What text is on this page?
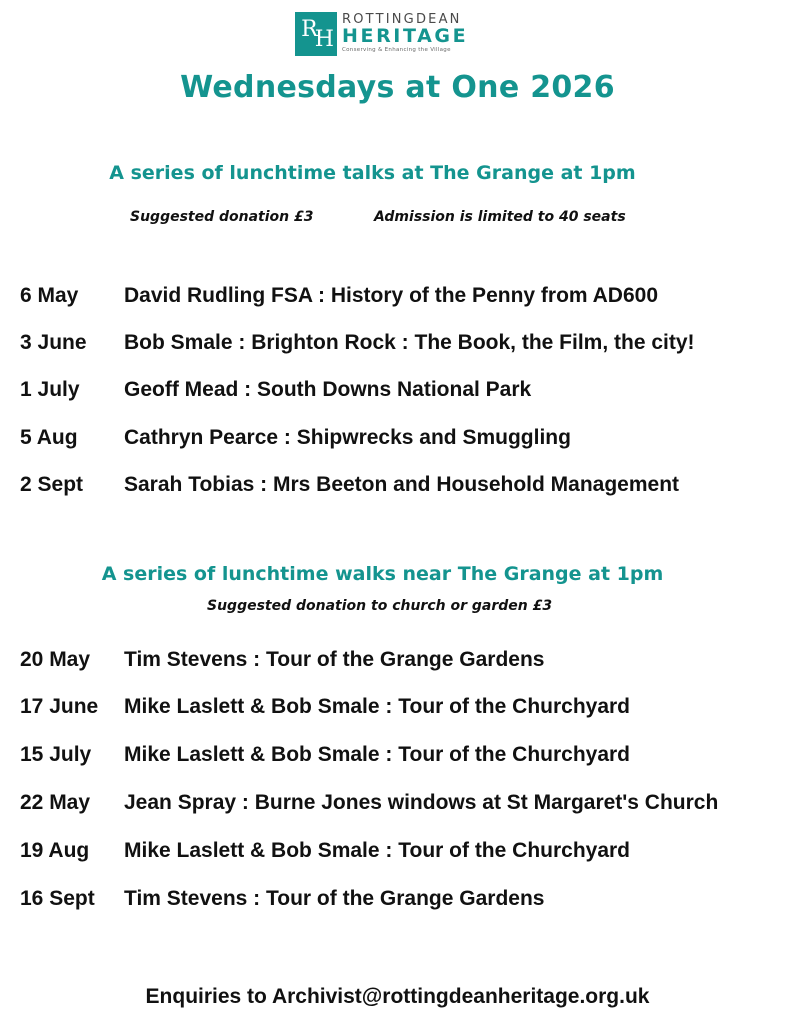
R H
ROTTINGDEAN
HERITAGE
Conserving & Enhancing the Village
Wednesdays at One 2026
A series of lunchtime talks at The Grange at 1pm
Suggested donation £3	Admission is limited to 40 seats
6 May	David Rudling FSA : History of the Penny from AD600
3 June	Bob Smale : Brighton Rock : The Book, the Film, the city!
1 July	Geoff Mead : South Downs National Park
5 Aug	Cathryn Pearce : Shipwrecks and Smuggling
2 Sept	Sarah Tobias : Mrs Beeton and Household Management
A series of lunchtime walks near The Grange at 1pm
Suggested donation to church or garden £3
20 May	Tim Stevens : Tour of the Grange Gardens
17 June	Mike Laslett & Bob Smale : Tour of the Churchyard
15 July	Mike Laslett & Bob Smale : Tour of the Churchyard
22 May	Jean Spray : Burne Jones windows at St Margaret's Church
19 Aug	Mike Laslett & Bob Smale : Tour of the Churchyard
16 Sept	Tim Stevens : Tour of the Grange Gardens
Enquiries to Archivist@rottingdeanheritage.org.uk
